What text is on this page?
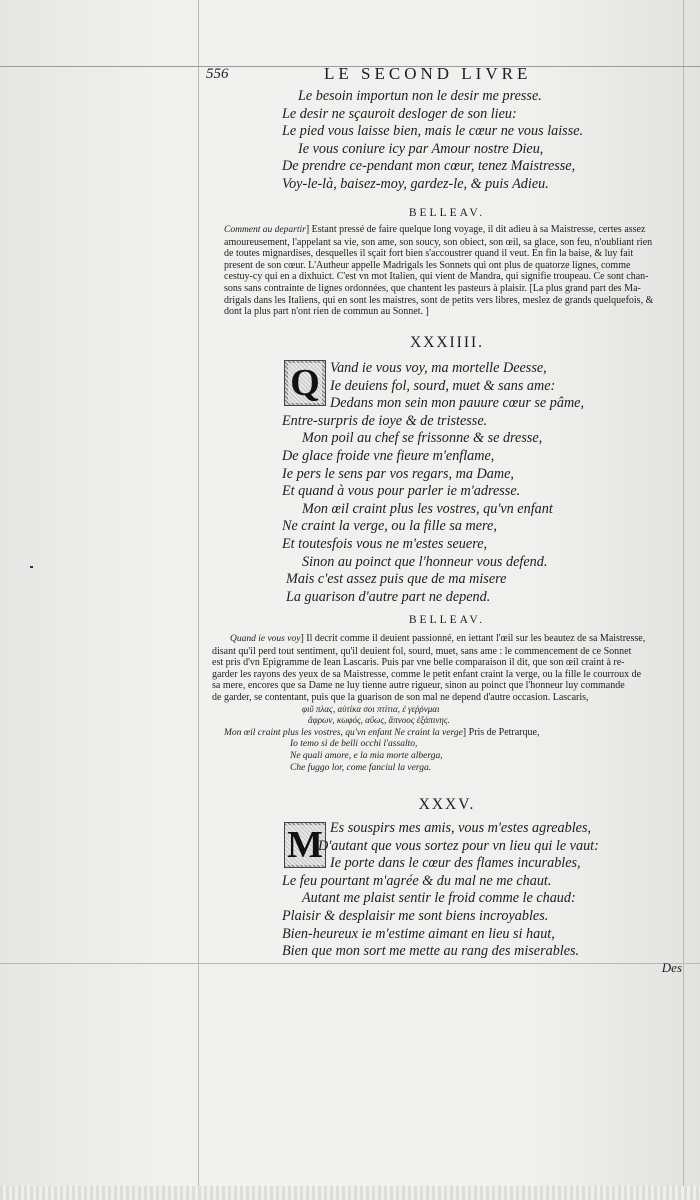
556	LE SECOND LIVRE
Le besoin importun non le desir me presse.
Le desir ne sçauroit desloger de son lieu:
Le pied vous laisse bien, mais le cœur ne vous laisse.
Ie vous coniure icy par Amour nostre Dieu,
De prendre ce-pendant mon cœur, tenez Maistresse,
Voy-le-là, baisez-moy, gardez-le, & puis Adieu.
BELLEAV.
Comment au departir] Estant pressé de faire quelque long voyage, il dit adieu à sa Maistresse, certes assez
amoureusement, l'appelant sa vie, son ame, son soucy, son obiect, son œil, sa glace, son feu, n'oubliant rien
de toutes mignardises, desquelles il sçait fort bien s'accoustrer quand il veut. En fin la baise, & luy fait
present de son cœur. L'Autheur appelle Madrigals les Sonnets qui ont plus de quatorze lignes, comme
cestuy-cy qui en a dixhuict. C'est vn mot Italien, qui vient de Mandra, qui signifie troupeau. Ce sont chan-
sons sans contrainte de lignes ordonnées, que chantent les pasteurs à plaisir. [La plus grand part des Ma-
drigals dans les Italiens, qui en sont les maistres, sont de petits vers libres, meslez de grands quelquefois, &
dont la plus part n'ont rien de commun au Sonnet. ]
XXXIIII.
Q Vand ie vous voy, ma mortelle Deesse,
Ie deuiens fol, sourd, muet & sans ame:
Dedans mon sein mon pauure cœur se pâme,
Entre-surpris de ioye & de tristesse.
Mon poil au chef se frissonne & se dresse,
De glace froide vne fieure m'enflame,
Ie pers le sens par vos regars, ma Dame,
Et quand à vous pour parler ie m'adresse.
Mon œil craint plus les vostres, qu'vn enfant
Ne craint la verge, ou la fille sa mere,
Et toutesfois vous ne m'estes seuere,
Sinon au poinct que l'honneur vous defend.
Mais c'est assez puis que de ma misere
La guarison d'autre part ne depend.
BELLEAV.
Quand ie vous voy] Il decrit comme il deuient passionné, en iettant l'œil sur les beautez de sa Maistresse,
disant qu'il perd tout sentiment, qu'il deuient fol, sourd, muet, sans ame : le commencement de ce Sonnet
est pris d'vn Epigramme de Iean Lascaris. Puis par vne belle comparaison il dit, que son œil craint à re-
garder les rayons des yeux de sa Maistresse, comme le petit enfant craint la verge, ou la fille le courroux de
sa mere, encores que sa Dame ne luy tienne autre rigueur, sinon au poinct que l'honneur luy commande
de garder, se contentant, puis que la guarison de son mal ne depend d'autre occasion. Lascaris,
φιῦ πλαϛ, αὐτίκα σοι πτίτια, ἐ γεῤῥνμαι
ἄφρων, κωφός, αὔως, ἄπνοος ἐξάπινης.
Mon œil craint plus les vostres, qu'vn enfant Ne craint la verge] Pris de Petrarque,
Io temo sì de belli occhi l'assalto,
Ne quali amore, e la mia morte alberga,
Che fuggo lor, come fanciul la verga.
XXXV.
M Es souspirs mes amis, vous m'estes agreables,
D'autant que vous sortez pour vn lieu qui le vaut:
Ie porte dans le cœur des flames incurables,
Le feu pourtant m'agrée & du mal ne me chaut.
Autant me plaist sentir le froid comme le chaud:
Plaisir & desplaisir me sont biens incroyables.
Bien-heureux ie m'estime aimant en lieu si haut,
Bien que mon sort me mette au rang des miserables.
Des
